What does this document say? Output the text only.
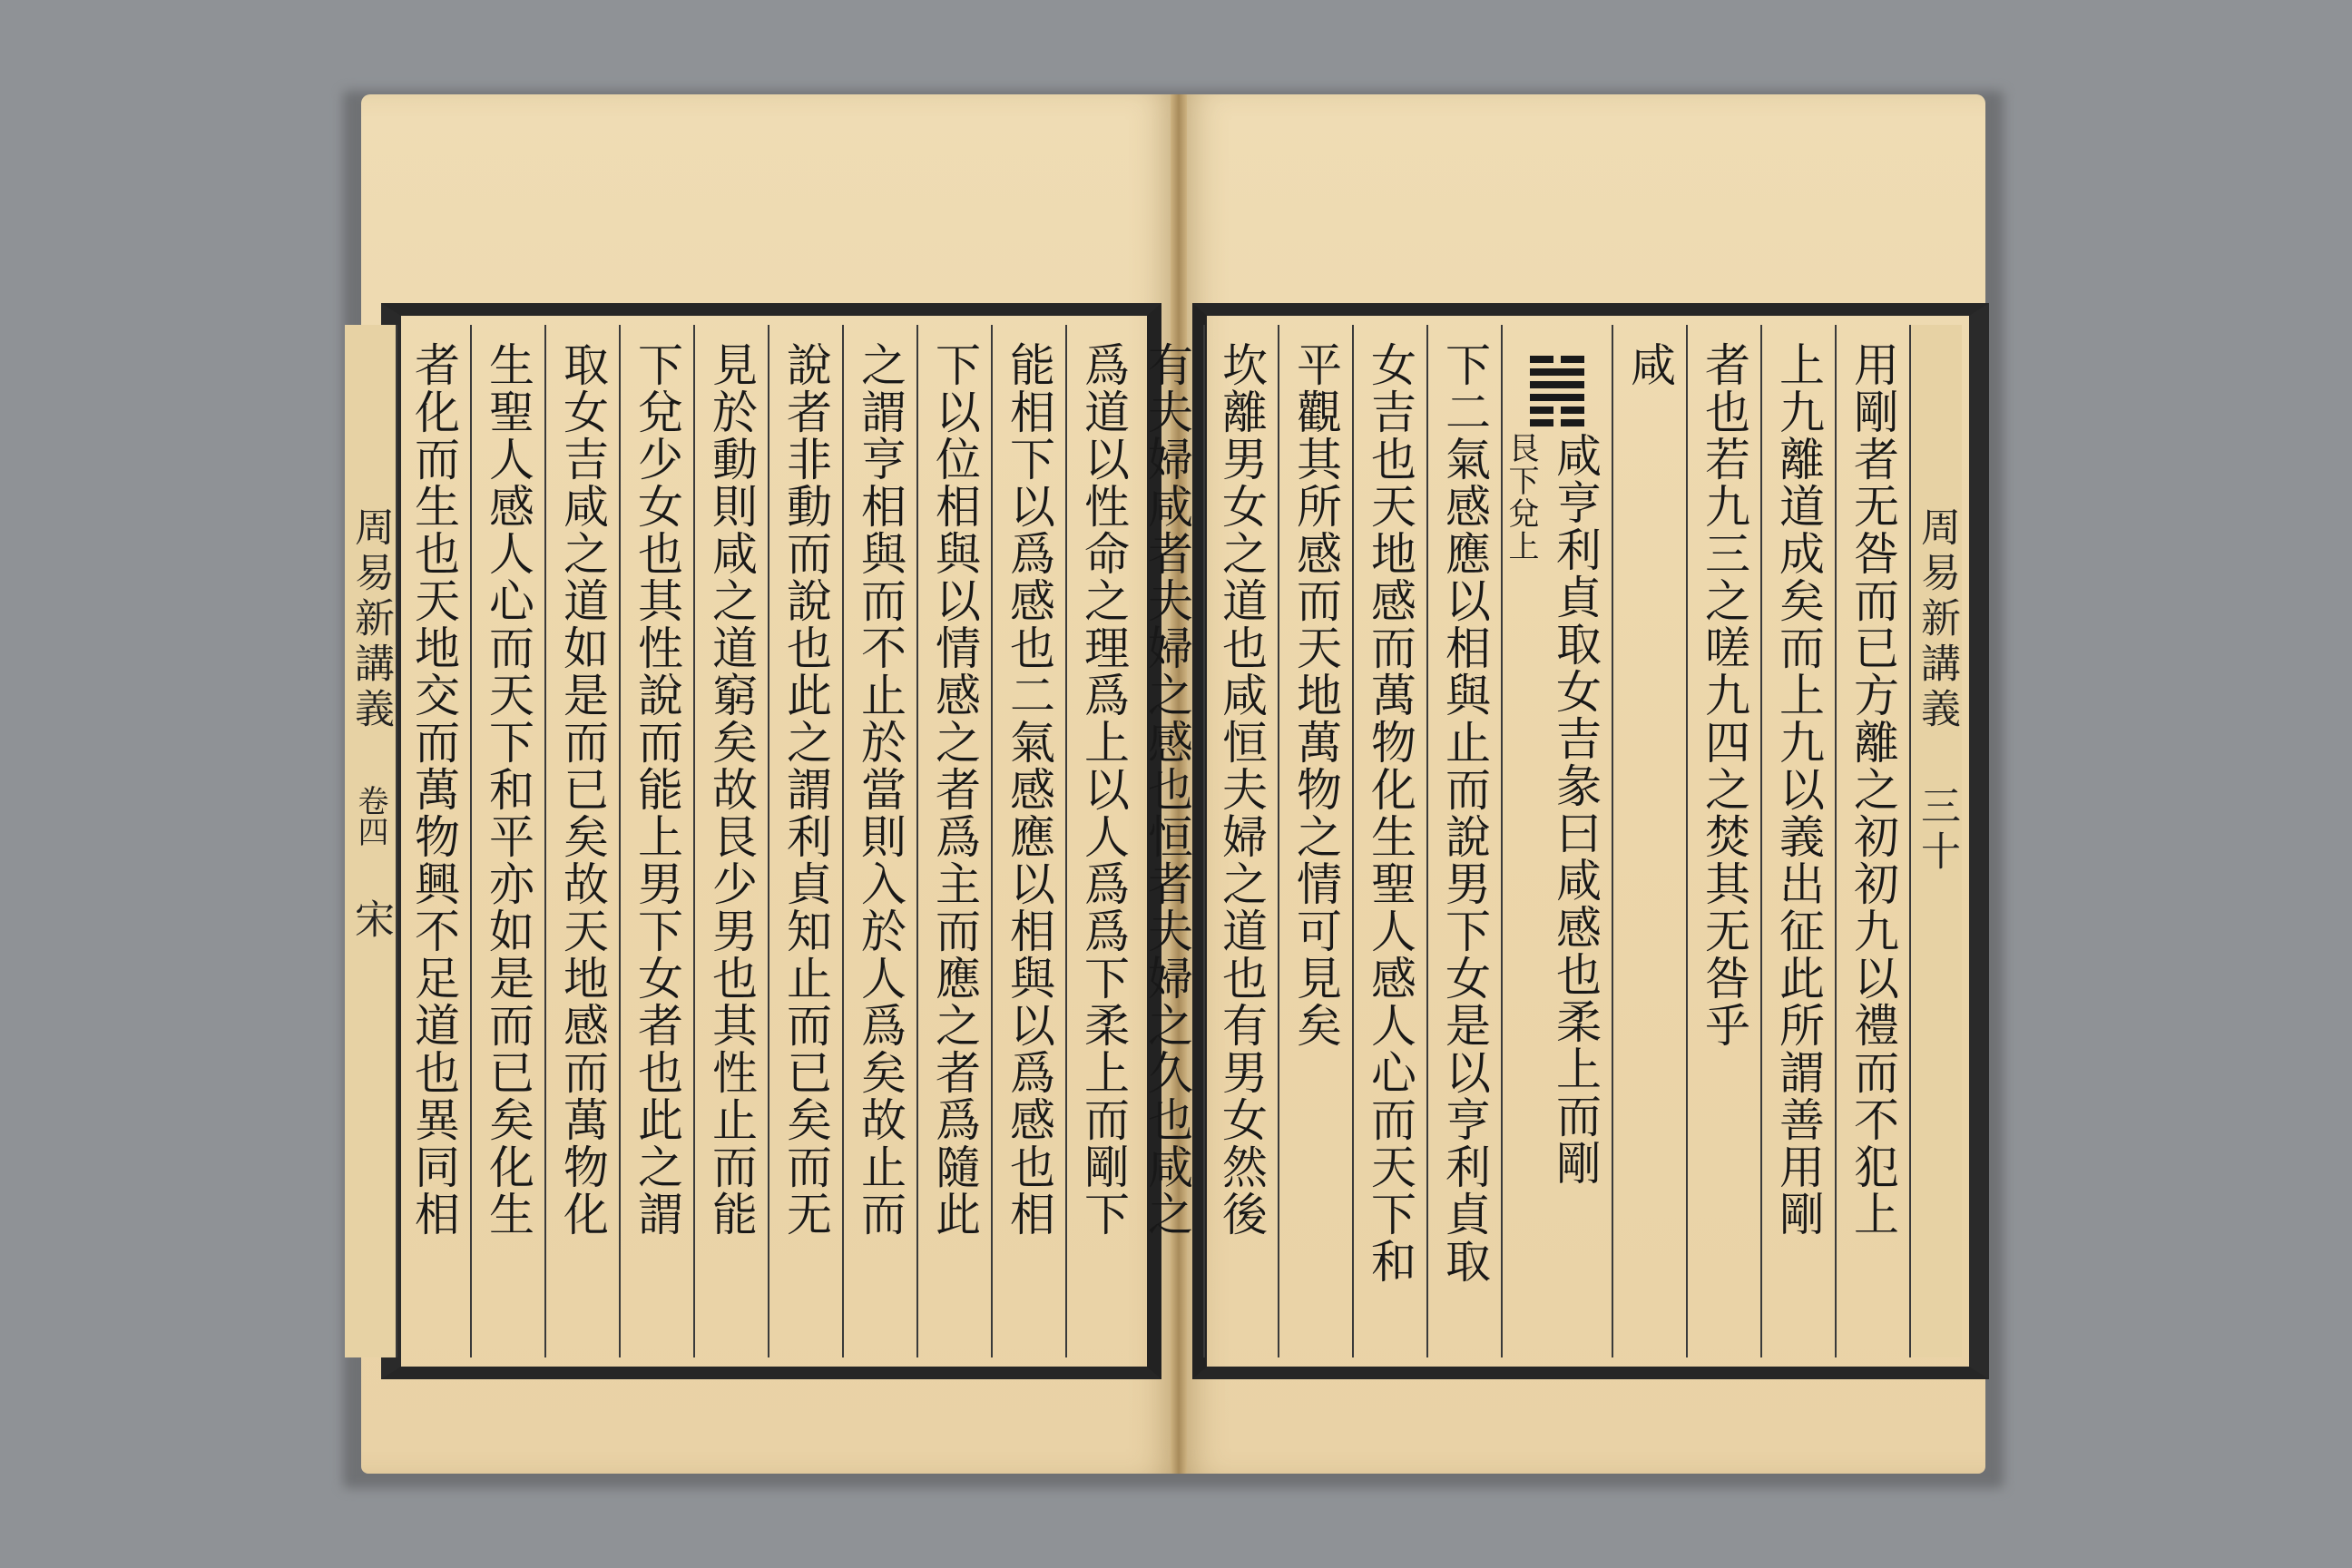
爲道以性命之理爲上以人爲爲下柔上而剛下
能相下以爲感也二氣感應以相與以爲感也相
下以位相與以情感之者爲主而應之者爲隨此
之謂亨相與而不止於當則入於人爲矣故止而
說者非動而說也此之謂利貞知止而已矣而无
見於動則咸之道窮矣故艮少男也其性止而能
下兌少女也其性說而能上男下女者也此之謂
取女吉咸之道如是而已矣故天地感而萬物化
生聖人感人心而天下和平亦如是而已矣化生
者化而生也天地交而萬物興不足道也異同相
周易新講義 卷四 宋
周易新講義 三十
用剛者无咎而已方離之初初九以禮而不犯上
上九離道成矣而上九以義出征此所謂善用剛
者也若九三之嗟九四之焚其无咎乎
咸
咸亨利貞取女吉彖曰咸感也柔上而剛
艮下兌上
下二氣感應以相與止而說男下女是以亨利貞取
女吉也天地感而萬物化生聖人感人心而天下和
平觀其所感而天地萬物之情可見矣
坎離男女之道也咸恒夫婦之道也有男女然後
有夫婦咸者夫婦之感也恒者夫婦之久也咸之
